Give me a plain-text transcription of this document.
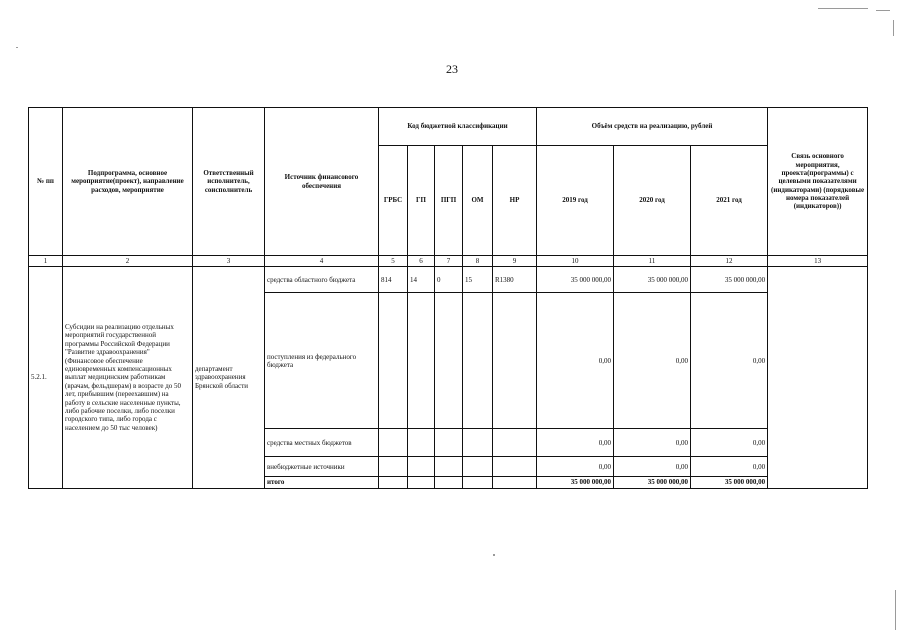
23
№ пп	Подпрограмма, основное мероприятие(проект), направление расходов, мероприятие	Ответственный исполнитель, соисполнитель	Источник финансового обеспечения	Код бюджетной классификации					Объём средств на реализацию, рублей			Связь основного мероприятия, проекта(программы) с целевыми показателями (индикаторами) (порядковые номера показателей (индикаторов))
				ГРБС	ГП	ПГП	ОМ	НР	2019 год	2020 год	2021 год	
1	2	3	4	5	6	7	8	9	10	11	12	13
5.2.1.	Субсидии на реализацию отдельных мероприятий государственной программы Российской Федерации "Развитие здравоохранения" (Финансовое обеспечение единовременных компенсационных выплат медицинским работникам (врачам, фельдшерам) в возрасте до 50 лет, прибывшим (переехавшим) на работу в сельские населенные пункты, либо рабочие поселки, либо поселки городского типа, либо города с населением до 50 тыс человек)	департамент здравоохранения Брянской области	средства областного бюджета	814	14	0	15	R1380	35 000 000,00	35 000 000,00	35 000 000,00	
			поступления из федерального бюджета						0,00	0,00	0,00	
			средства местных бюджетов						0,00	0,00	0,00	
			внебюджетные источники						0,00	0,00	0,00	
			итого						35 000 000,00	35 000 000,00	35 000 000,00	
